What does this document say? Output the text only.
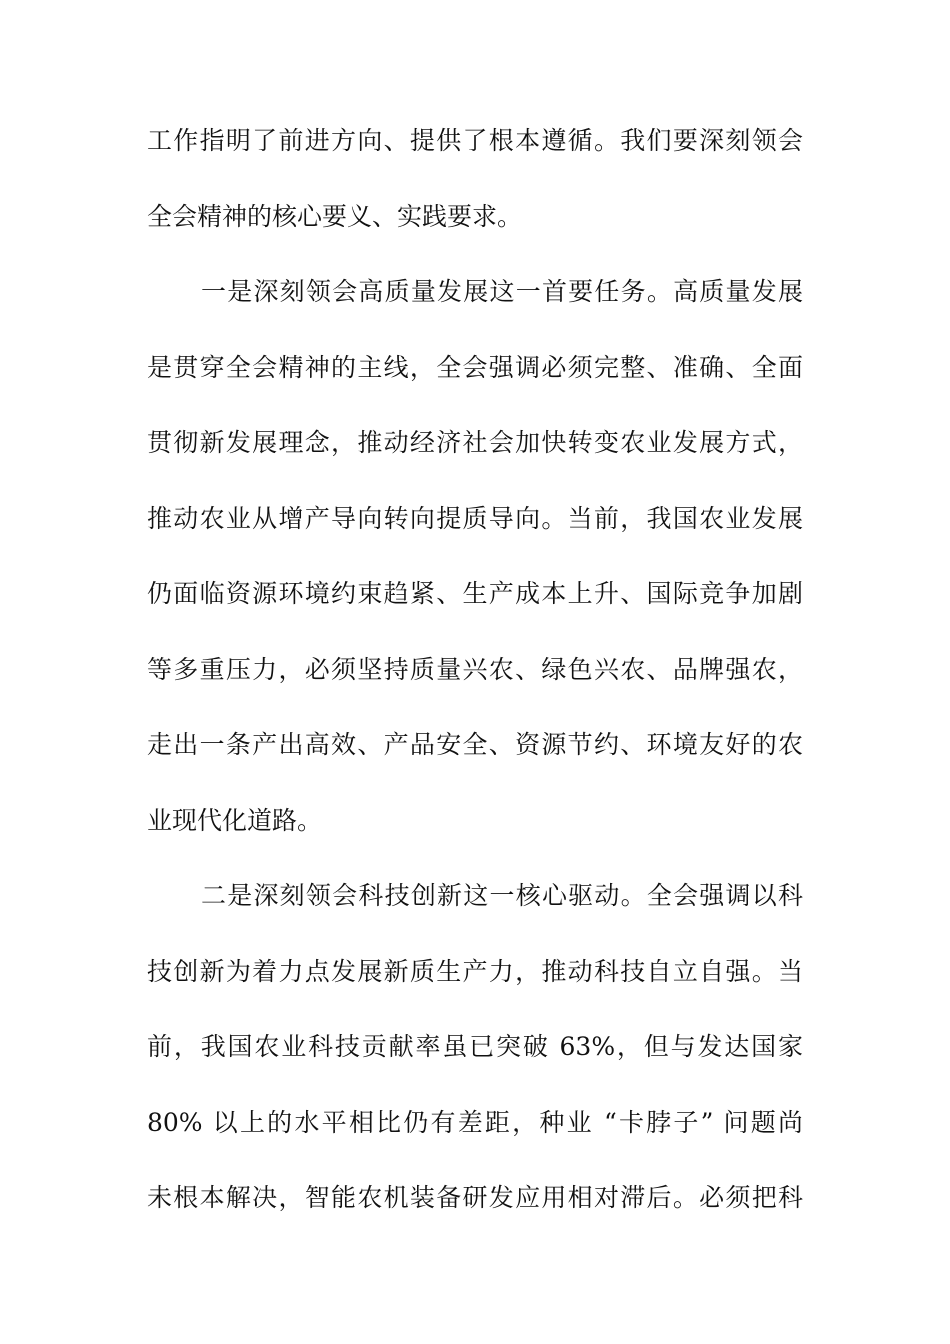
工作指明了前进方向、提供了根本遵循。我们要深刻领会
全会精神的核心要义、实践要求。
一是深刻领会高质量发展这一首要任务。高质量发展
是贯穿全会精神的主线，全会强调必须完整、准确、全面
贯彻新发展理念，推动经济社会加快转变农业发展方式，
推动农业从增产导向转向提质导向。当前，我国农业发展
仍面临资源环境约束趋紧、生产成本上升、国际竞争加剧
等多重压力，必须坚持质量兴农、绿色兴农、品牌强农，
走出一条产出高效、产品安全、资源节约、环境友好的农
业现代化道路。
二是深刻领会科技创新这一核心驱动。全会强调以科
技创新为着力点发展新质生产力，推动科技自立自强。当
前，我国农业科技贡献率虽已突破 63%，但与发达国家
80% 以上的水平相比仍有差距，种业 “卡脖子” 问题尚
未根本解决，智能农机装备研发应用相对滞后。必须把科
